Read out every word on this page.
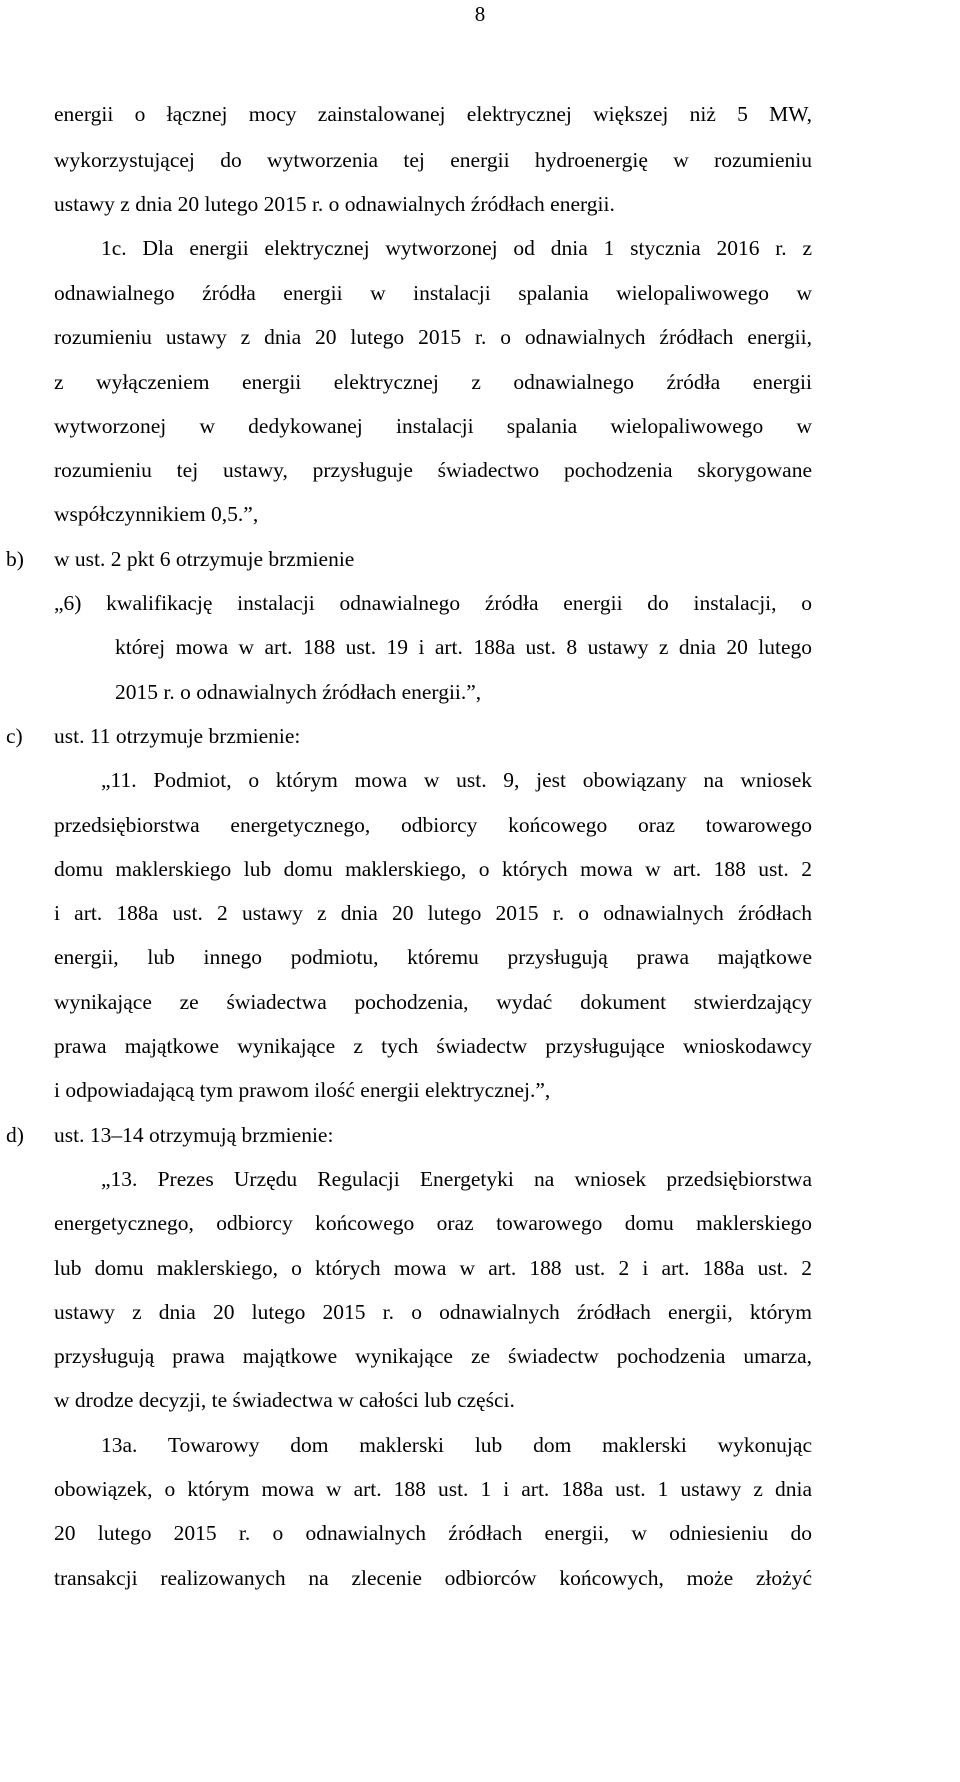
8
energii o łącznej mocy zainstalowanej elektrycznej większej niż 5 MW,
wykorzystującej do wytworzenia tej energii hydroenergię w rozumieniu
ustawy z dnia 20 lutego 2015 r. o odnawialnych źródłach energii.
1c. Dla energii elektrycznej wytworzonej od dnia 1 stycznia 2016 r. z
odnawialnego źródła energii w instalacji spalania wielopaliwowego w
rozumieniu ustawy z dnia 20 lutego 2015 r. o odnawialnych źródłach energii,
z wyłączeniem energii elektrycznej z odnawialnego źródła energii
wytworzonej w dedykowanej instalacji spalania wielopaliwowego w
rozumieniu tej ustawy, przysługuje świadectwo pochodzenia skorygowane
współczynnikiem 0,5.”,
b) w ust. 2 pkt 6 otrzymuje brzmienie
„6) kwalifikację instalacji odnawialnego źródła energii do instalacji, o
której mowa w art. 188 ust. 19 i art. 188a ust. 8 ustawy z dnia 20 lutego
2015 r. o odnawialnych źródłach energii.”,
c) ust. 11 otrzymuje brzmienie:
„11. Podmiot, o którym mowa w ust. 9, jest obowiązany na wniosek
przedsiębiorstwa energetycznego, odbiorcy końcowego oraz towarowego
domu maklerskiego lub domu maklerskiego, o których mowa w art. 188 ust. 2
i art. 188a ust. 2 ustawy z dnia 20 lutego 2015 r. o odnawialnych źródłach
energii, lub innego podmiotu, któremu przysługują prawa majątkowe
wynikające ze świadectwa pochodzenia, wydać dokument stwierdzający
prawa majątkowe wynikające z tych świadectw przysługujące wnioskodawcy
i odpowiadającą tym prawom ilość energii elektrycznej.”,
d) ust. 13–14 otrzymują brzmienie:
„13. Prezes Urzędu Regulacji Energetyki na wniosek przedsiębiorstwa
energetycznego, odbiorcy końcowego oraz towarowego domu maklerskiego
lub domu maklerskiego, o których mowa w art. 188 ust. 2 i art. 188a ust. 2
ustawy z dnia 20 lutego 2015 r. o odnawialnych źródłach energii, którym
przysługują prawa majątkowe wynikające ze świadectw pochodzenia umarza,
w drodze decyzji, te świadectwa w całości lub części.
13a. Towarowy dom maklerski lub dom maklerski wykonując
obowiązek, o którym mowa w art. 188 ust. 1 i art. 188a ust. 1 ustawy z dnia
20 lutego 2015 r. o odnawialnych źródłach energii, w odniesieniu do
transakcji realizowanych na zlecenie odbiorców końcowych, może złożyć
